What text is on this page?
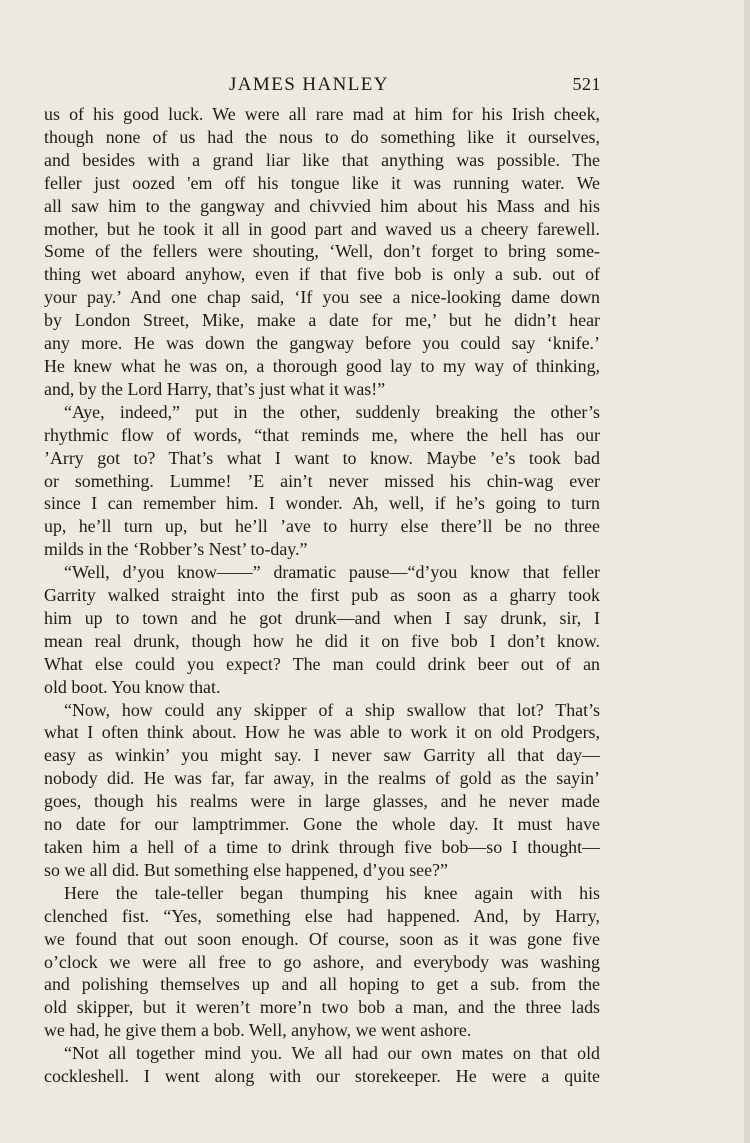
JAMES HANLEY	521

us of his good luck. We were all rare mad at him for his Irish cheek,
though none of us had the nous to do something like it ourselves,
and besides with a grand liar like that anything was possible. The
feller just oozed 'em off his tongue like it was running water. We
all saw him to the gangway and chivvied him about his Mass and his
mother, but he took it all in good part and waved us a cheery farewell.
Some of the fellers were shouting, ‘Well, don’t forget to bring some-
thing wet aboard anyhow, even if that five bob is only a sub. out of
your pay.’ And one chap said, ‘If you see a nice-looking dame down
by London Street, Mike, make a date for me,’ but he didn’t hear
any more. He was down the gangway before you could say ‘knife.’
He knew what he was on, a thorough good lay to my way of thinking,
and, by the Lord Harry, that’s just what it was!”

“Aye, indeed,” put in the other, suddenly breaking the other’s
rhythmic flow of words, “that reminds me, where the hell has our
’Arry got to? That’s what I want to know. Maybe ’e’s took bad
or something. Lumme! ’E ain’t never missed his chin-wag ever
since I can remember him. I wonder. Ah, well, if he’s going to turn
up, he’ll turn up, but he’ll ’ave to hurry else there’ll be no three
milds in the ‘Robber’s Nest’ to-day.”

“Well, d’you know——” dramatic pause—“d’you know that feller
Garrity walked straight into the first pub as soon as a gharry took
him up to town and he got drunk—and when I say drunk, sir, I
mean real drunk, though how he did it on five bob I don’t know.
What else could you expect? The man could drink beer out of an
old boot. You know that.

“Now, how could any skipper of a ship swallow that lot? That’s
what I often think about. How he was able to work it on old Prodgers,
easy as winkin’ you might say. I never saw Garrity all that day—
nobody did. He was far, far away, in the realms of gold as the sayin’
goes, though his realms were in large glasses, and he never made
no date for our lamptrimmer. Gone the whole day. It must have
taken him a hell of a time to drink through five bob—so I thought—
so we all did. But something else happened, d’you see?”

Here the tale-teller began thumping his knee again with his
clenched fist. “Yes, something else had happened. And, by Harry,
we found that out soon enough. Of course, soon as it was gone five
o’clock we were all free to go ashore, and everybody was washing
and polishing themselves up and all hoping to get a sub. from the
old skipper, but it weren’t more’n two bob a man, and the three lads
we had, he give them a bob. Well, anyhow, we went ashore.

“Not all together mind you. We all had our own mates on that old
cockleshell. I went along with our storekeeper. He were a quite
